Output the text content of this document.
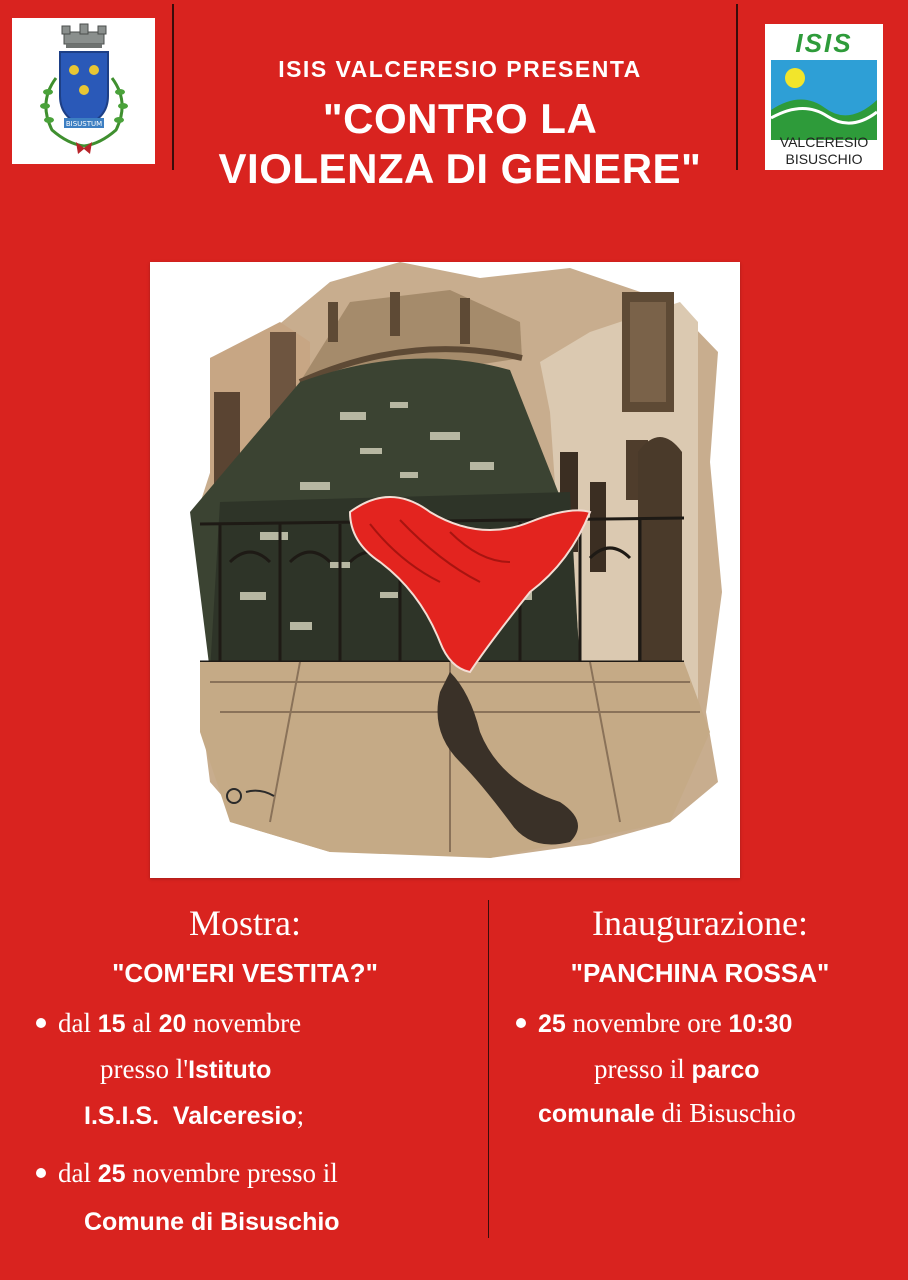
BISUSTUM
ISIS
VALCERESIO
BISUSCHIO
ISIS VALCERESIO PRESENTA
"CONTRO LA
VIOLENZA DI GENERE"
Mostra:
"COM'ERI VESTITA?"
dal 15 al 20 novembre
presso l'Istituto
I.S.I.S.  Valceresio;
dal 25 novembre presso il
Comune di Bisuschio
Inaugurazione:
"PANCHINA ROSSA"
25 novembre ore 10:30
presso il parco
comunale di Bisuschio
